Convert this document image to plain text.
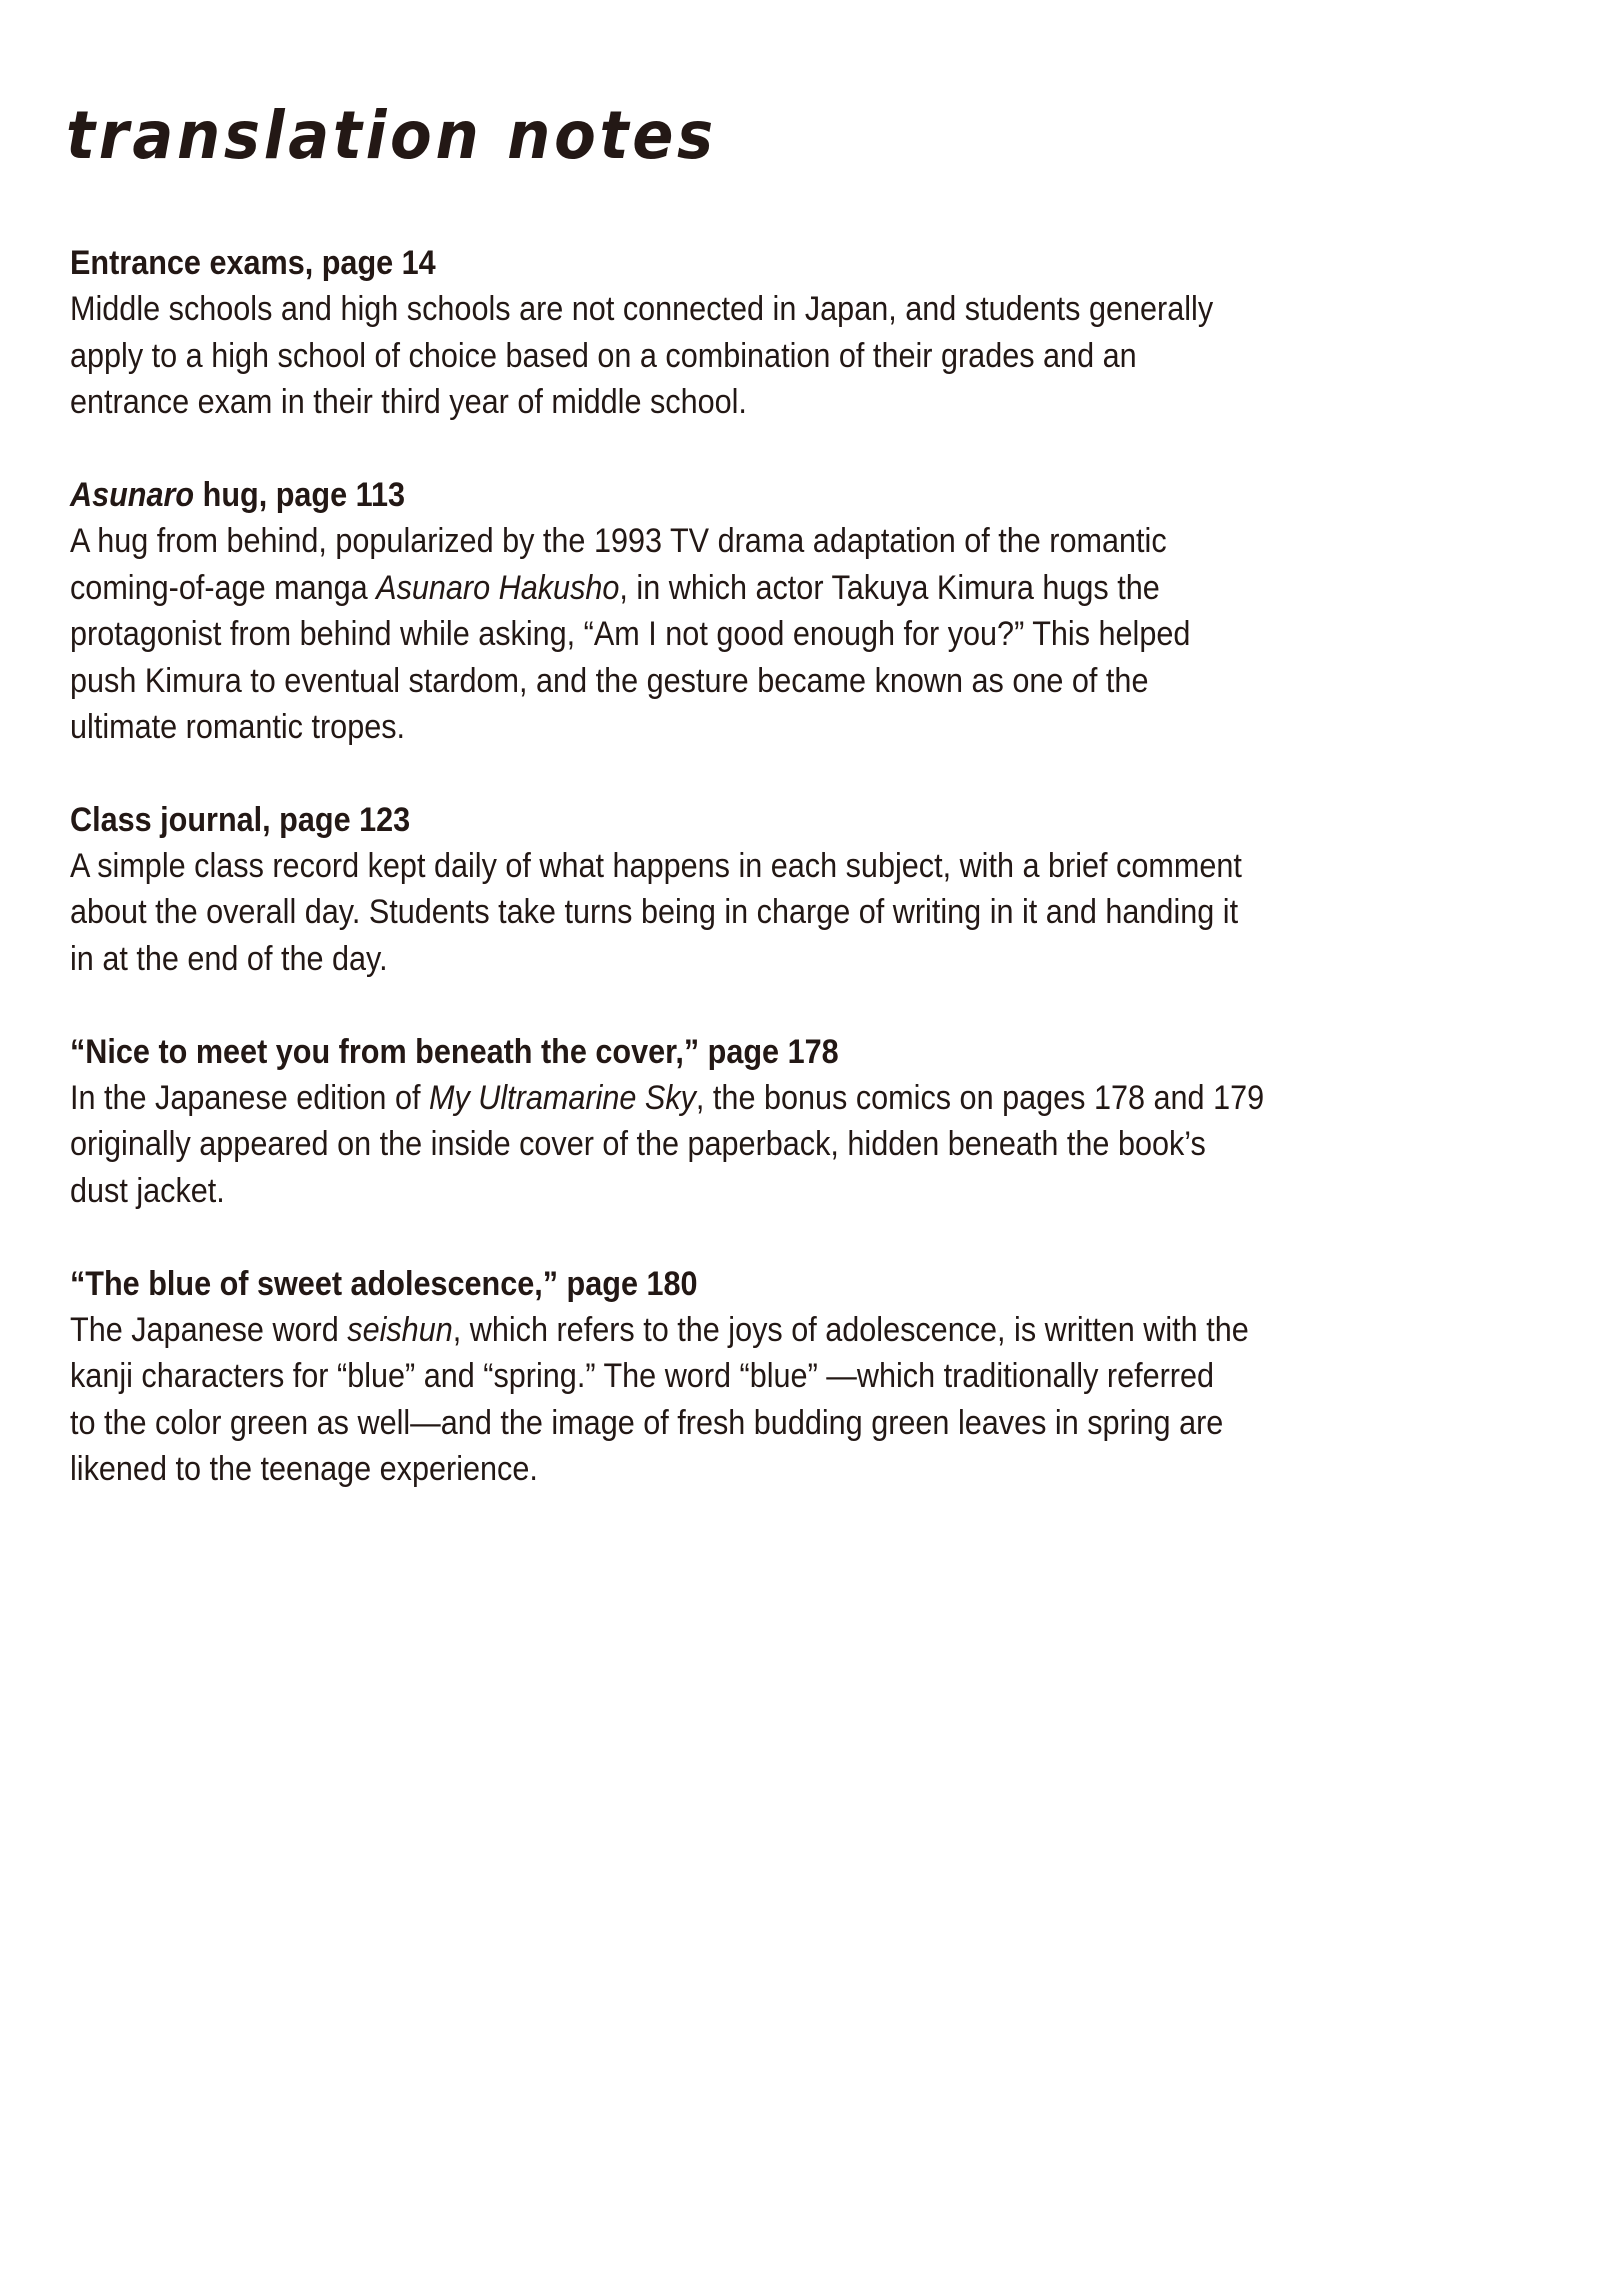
translation notes
Entrance exams, page 14
Middle schools and high schools are not connected in Japan, and students generally
apply to a high school of choice based on a combination of their grades and an
entrance exam in their third year of middle school.
Asunaro hug, page 113
A hug from behind, popularized by the 1993 TV drama adaptation of the romantic
coming-of-age manga Asunaro Hakusho, in which actor Takuya Kimura hugs the
protagonist from behind while asking, “Am I not good enough for you?” This helped
push Kimura to eventual stardom, and the gesture became known as one of the
ultimate romantic tropes.
Class journal, page 123
A simple class record kept daily of what happens in each subject, with a brief comment
about the overall day. Students take turns being in charge of writing in it and handing it
in at the end of the day.
“Nice to meet you from beneath the cover,” page 178
In the Japanese edition of My Ultramarine Sky, the bonus comics on pages 178 and 179
originally appeared on the inside cover of the paperback, hidden beneath the book’s
dust jacket.
“The blue of sweet adolescence,” page 180
The Japanese word seishun, which refers to the joys of adolescence, is written with the
kanji characters for “blue” and “spring.” The word “blue” —which traditionally referred
to the color green as well—and the image of fresh budding green leaves in spring are
likened to the teenage experience.
